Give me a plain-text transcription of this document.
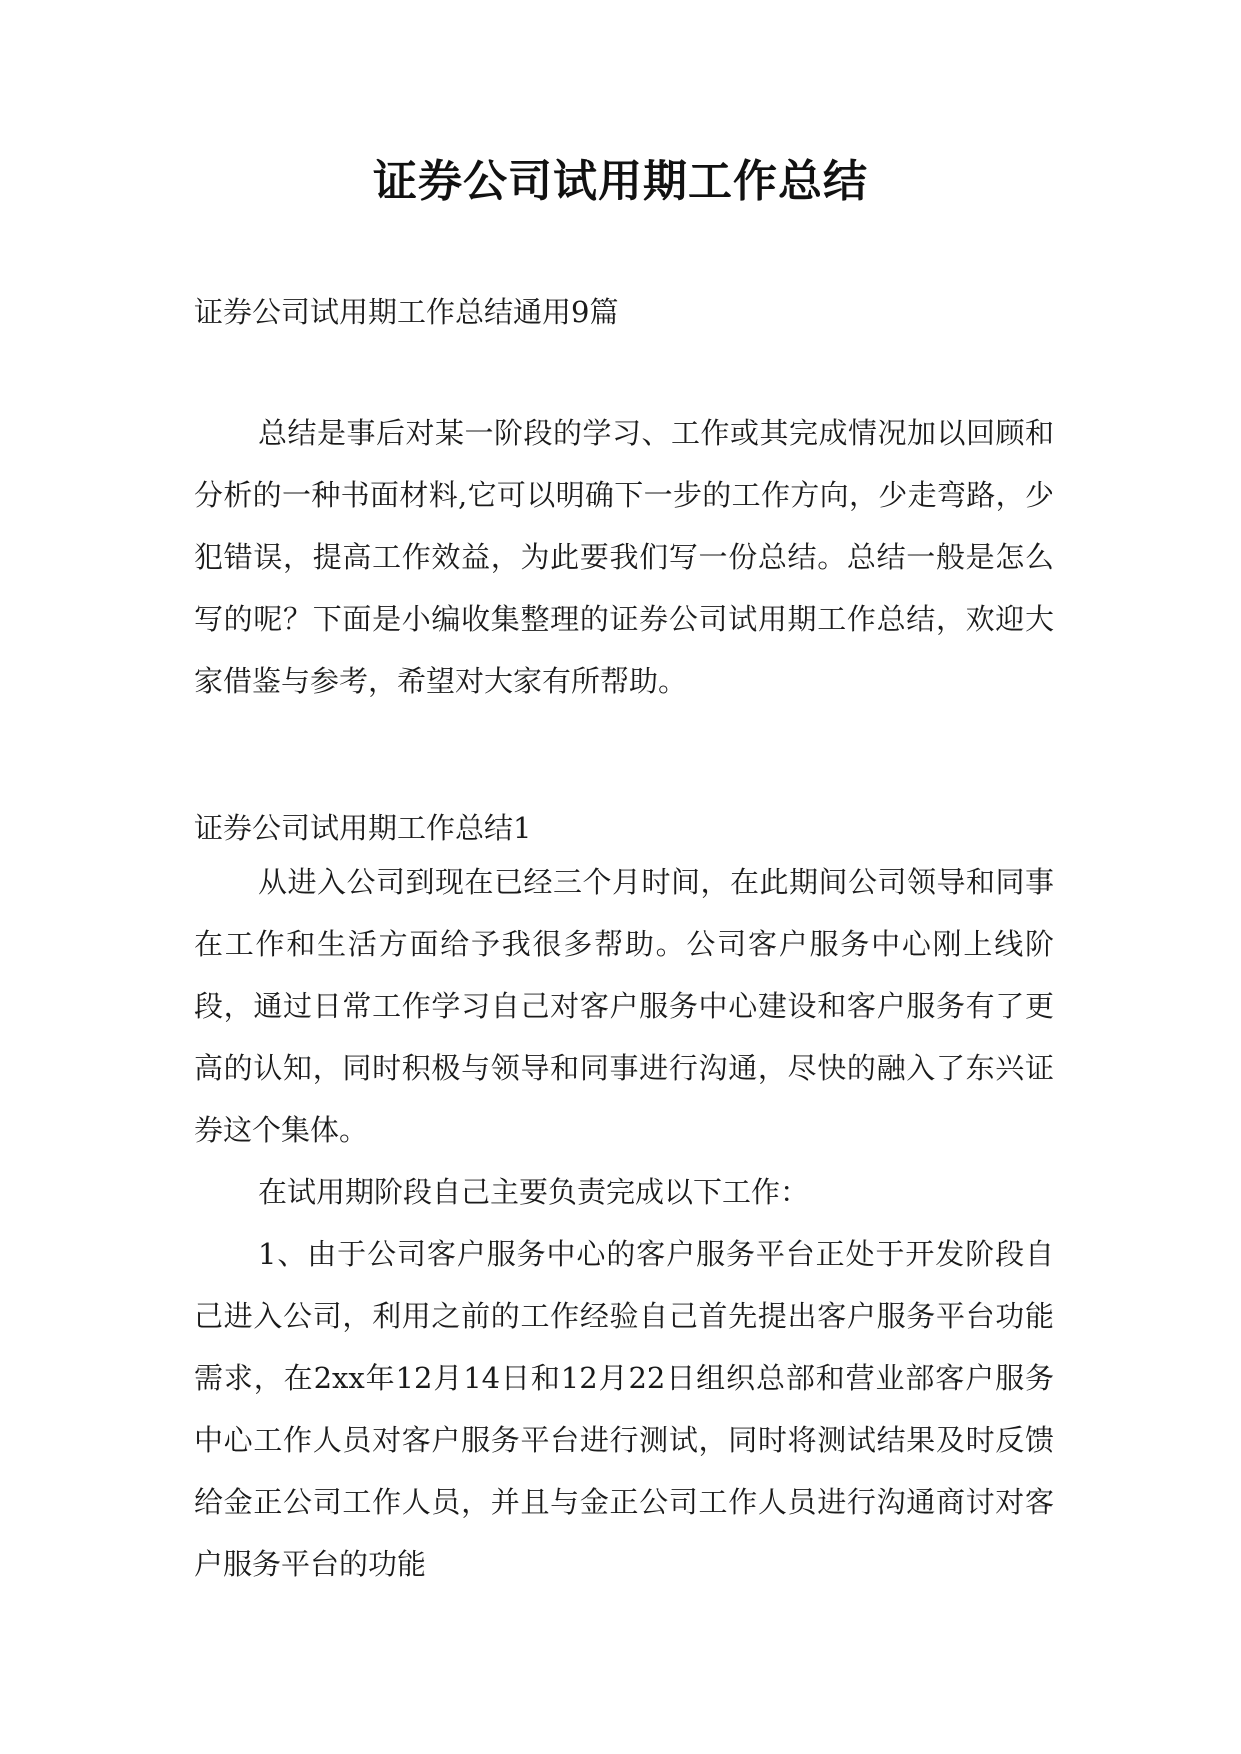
证券公司试用期工作总结

证券公司试用期工作总结通用9篇

总结是事后对某一阶段的学习、工作或其完成情况加以回顾和分析的一种书面材料,它可以明确下一步的工作方向，少走弯路，少犯错误，提高工作效益，为此要我们写一份总结。总结一般是怎么写的呢？下面是小编收集整理的证券公司试用期工作总结，欢迎大家借鉴与参考，希望对大家有所帮助。

证券公司试用期工作总结1

从进入公司到现在已经三个月时间，在此期间公司领导和同事在工作和生活方面给予我很多帮助。公司客户服务中心刚上线阶段，通过日常工作学习自己对客户服务中心建设和客户服务有了更高的认知，同时积极与领导和同事进行沟通，尽快的融入了东兴证券这个集体。

在试用期阶段自己主要负责完成以下工作：

1、由于公司客户服务中心的客户服务平台正处于开发阶段自己进入公司，利用之前的工作经验自己首先提出客户服务平台功能需求，在2xx年12月14日和12月22日组织总部和营业部客户服务中心工作人员对客户服务平台进行测试，同时将测试结果及时反馈给金正公司工作人员，并且与金正公司工作人员进行沟通商讨对客户服务平台的功能
